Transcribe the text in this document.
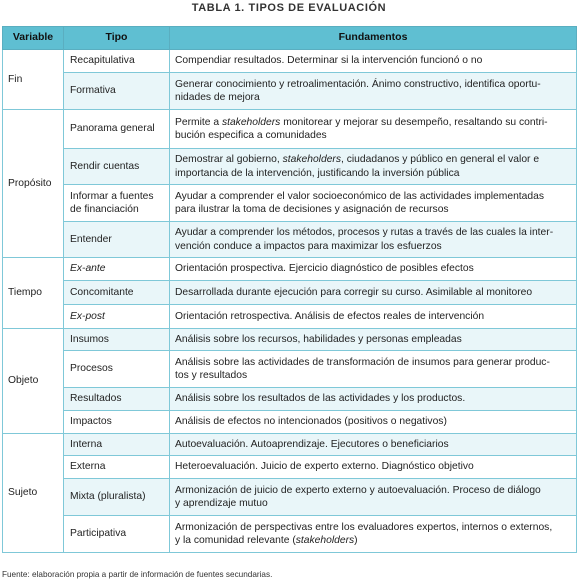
TABLA 1. TIPOS DE EVALUACIÓN
Variable	Tipo	Fundamentos
Fin	Recapitulativa	Compendiar resultados. Determinar si la intervención funcionó o no
	Formativa	Generar conocimiento y retroalimentación. Ánimo constructivo, identifica oportu-
nidades de mejora
Propósito	Panorama general	Permite a stakeholders monitorear y mejorar su desempeño, resaltando su contri-
bución especifica a comunidades
	Rendir cuentas	Demostrar al gobierno, stakeholders, ciudadanos y público en general el valor e
importancia de la intervención, justificando la inversión pública
	Informar a fuentes de financiación	Ayudar a comprender el valor socioeconómico de las actividades implementadas
para ilustrar la toma de decisiones y asignación de recursos
	Entender	Ayudar a comprender los métodos, procesos y rutas a través de las cuales la inter-
vención conduce a impactos para maximizar los esfuerzos
Tiempo	Ex-ante	Orientación prospectiva. Ejercicio diagnóstico de posibles efectos
	Concomitante	Desarrollada durante ejecución para corregir su curso. Asimilable al monitoreo
	Ex-post	Orientación retrospectiva. Análisis de efectos reales de intervención
Objeto	Insumos	Análisis sobre los recursos, habilidades y personas empleadas
	Procesos	Análisis sobre las actividades de transformación de insumos para generar produc-
tos y resultados
	Resultados	Análisis sobre los resultados de las actividades y los productos.
	Impactos	Análisis de efectos no intencionados (positivos o negativos)
Sujeto	Interna	Autoevaluación. Autoaprendizaje. Ejecutores o beneficiarios
	Externa	Heteroevaluación. Juicio de experto externo. Diagnóstico objetivo
	Mixta (pluralista)	Armonización de juicio de experto externo y autoevaluación. Proceso de diálogo
y aprendizaje mutuo
	Participativa	Armonización de perspectivas entre los evaluadores expertos, internos o externos,
y la comunidad relevante (stakeholders)
Fuente: elaboración propia a partir de información de fuentes secundarias.
